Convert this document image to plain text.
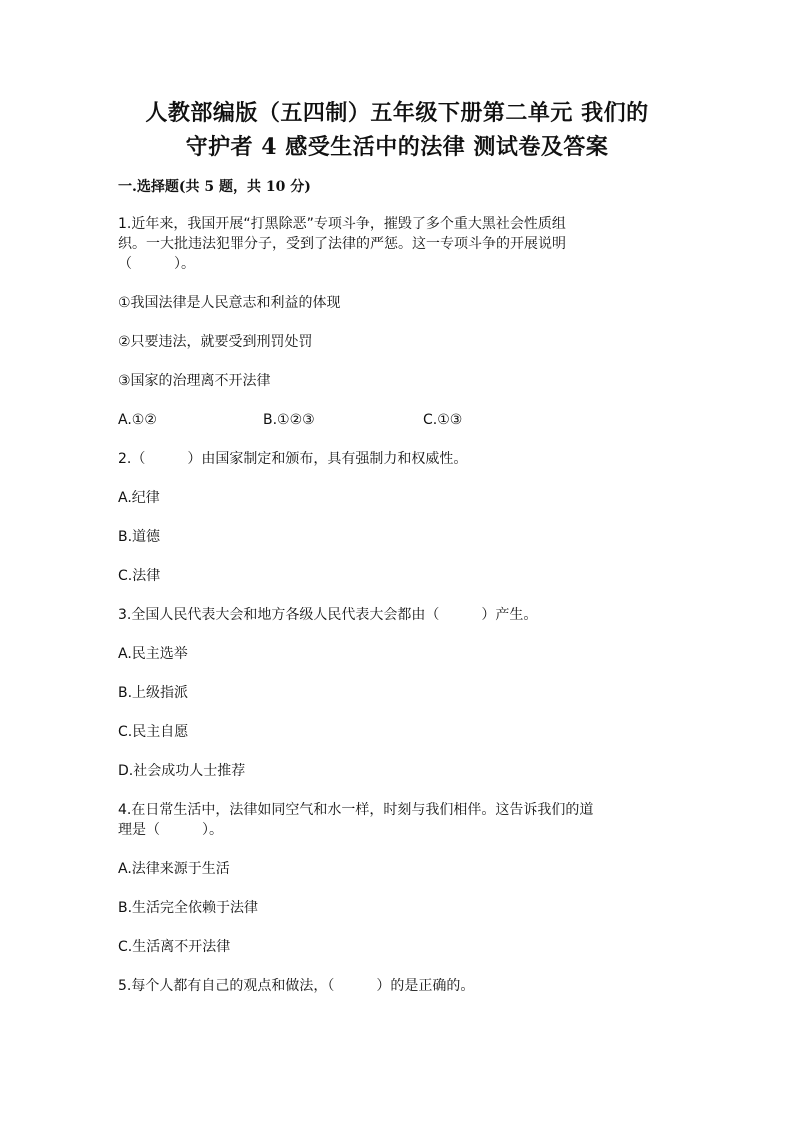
人教部编版（五四制）五年级下册第二单元 我们的
守护者 4 感受生活中的法律 测试卷及答案
一.选择题(共 5 题，共 10 分)
1.近年来，我国开展“打黑除恶”专项斗争，摧毁了多个重大黑社会性质组
织。一大批违法犯罪分子，受到了法律的严惩。这一专项斗争的开展说明
（　　　）。
①我国法律是人民意志和利益的体现
②只要违法，就要受到刑罚处罚
③国家的治理离不开法律
A.①②	B.①②③	C.①③
2.（　　　）由国家制定和颁布，具有强制力和权威性。
A.纪律
B.道德
C.法律
3.全国人民代表大会和地方各级人民代表大会都由（　　　）产生。
A.民主选举
B.上级指派
C.民主自愿
D.社会成功人士推荐
4.在日常生活中，法律如同空气和水一样，时刻与我们相伴。这告诉我们的道
理是（　　　）。
A.法律来源于生活
B.生活完全依赖于法律
C.生活离不开法律
5.每个人都有自己的观点和做法，（　　　）的是正确的。
